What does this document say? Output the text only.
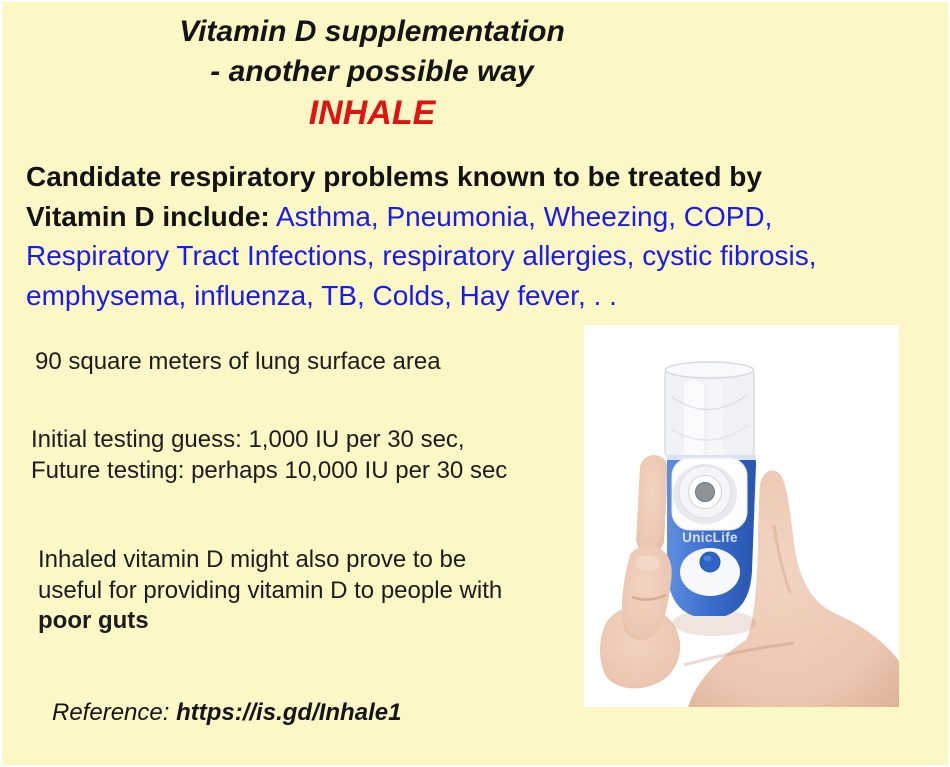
Vitamin D supplementation
- another possible way
INHALE
Candidate respiratory problems known to be treated by
Vitamin D include: Asthma, Pneumonia, Wheezing, COPD,
Respiratory Tract Infections, respiratory allergies, cystic fibrosis,
emphysema, influenza, TB, Colds, Hay fever, . .
90 square meters of lung surface area
Initial testing guess: 1,000 IU per 30 sec,
Future testing: perhaps 10,000 IU per 30 sec
Inhaled vitamin D might also prove to be
useful for providing vitamin D to people with
poor guts
Reference: https://is.gd/Inhale1
UnicLife
